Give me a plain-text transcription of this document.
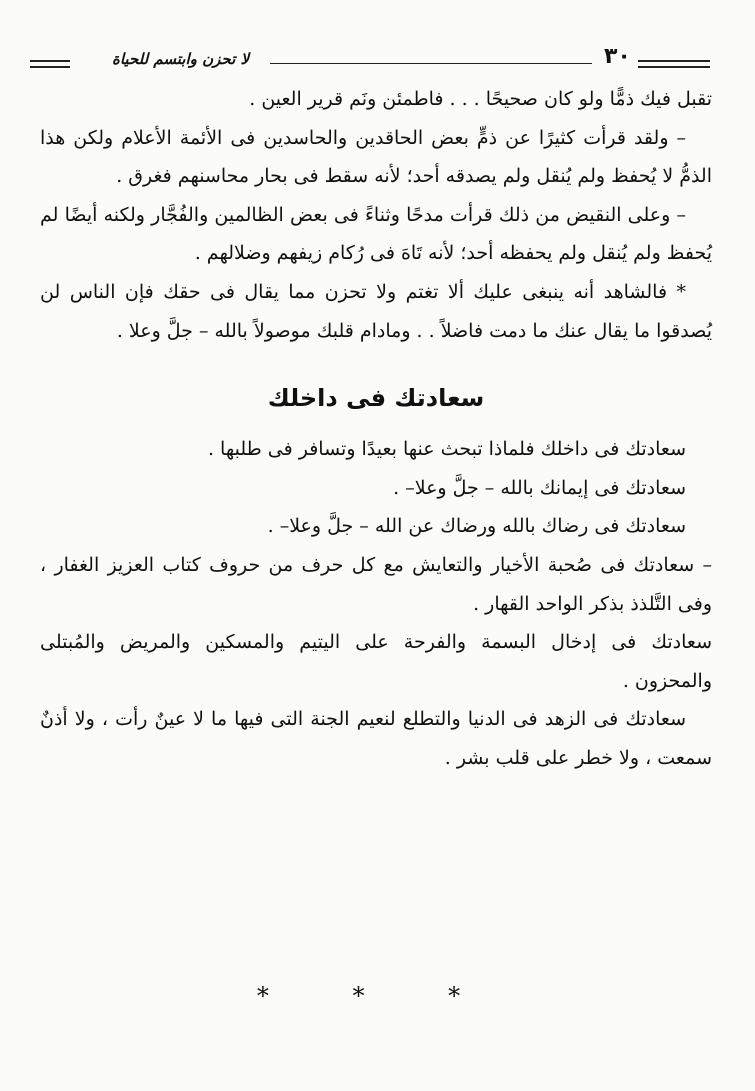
لا تحزن وابتسم للحياة	٣٠

تقبل فيك ذمًّا ولو كان صحيحًا . . . فاطمئن ونَم قرير العين .

– ولقد قرأت كثيرًا عن ذمٍّ بعض الحاقدين والحاسدين فى الأئمة الأعلام ولكن هذا الذمُّ لا يُحفظ ولم يُنقل ولم يصدقه أحد؛ لأنه سقط فى بحار محاسنهم فغرق .

– وعلى النقيض من ذلك قرأت مدحًا وثناءً فى بعض الظالمين والفُجَّار ولكنه أيضًا لم يُحفظ ولم يُنقل ولم يحفظه أحد؛ لأنه تَاهَ فى رُكام زيفهم وضلالهم .

* فالشاهد أنه ينبغى عليك ألا تغتم ولا تحزن مما يقال فى حقك فإن الناس لن يُصدقوا ما يقال عنك ما دمت فاضلاً . . ومادام قلبك موصولاً بالله – جلَّ وعلا .

سعادتك فى داخلك

سعادتك فى داخلك فلماذا تبحث عنها بعيدًا وتسافر فى طلبها .

سعادتك فى إيمانك بالله – جلَّ وعلا– .

سعادتك فى رضاك بالله ورضاك عن الله – جلَّ وعلا– .

– سعادتك فى صُحبة الأخيار والتعايش مع كل حرف من حروف كتاب العزيز الغفار ، وفى التَّلذذ بذكر الواحد القهار .

سعادتك فى إدخال البسمة والفرحة على اليتيم والمسكين والمريض والمُبتلى والمحزون .

سعادتك فى الزهد فى الدنيا والتطلع لنعيم الجنة التى فيها ما لا عينٌ رأت ، ولا أذنٌ سمعت ، ولا خطر على قلب بشر .

* * *
